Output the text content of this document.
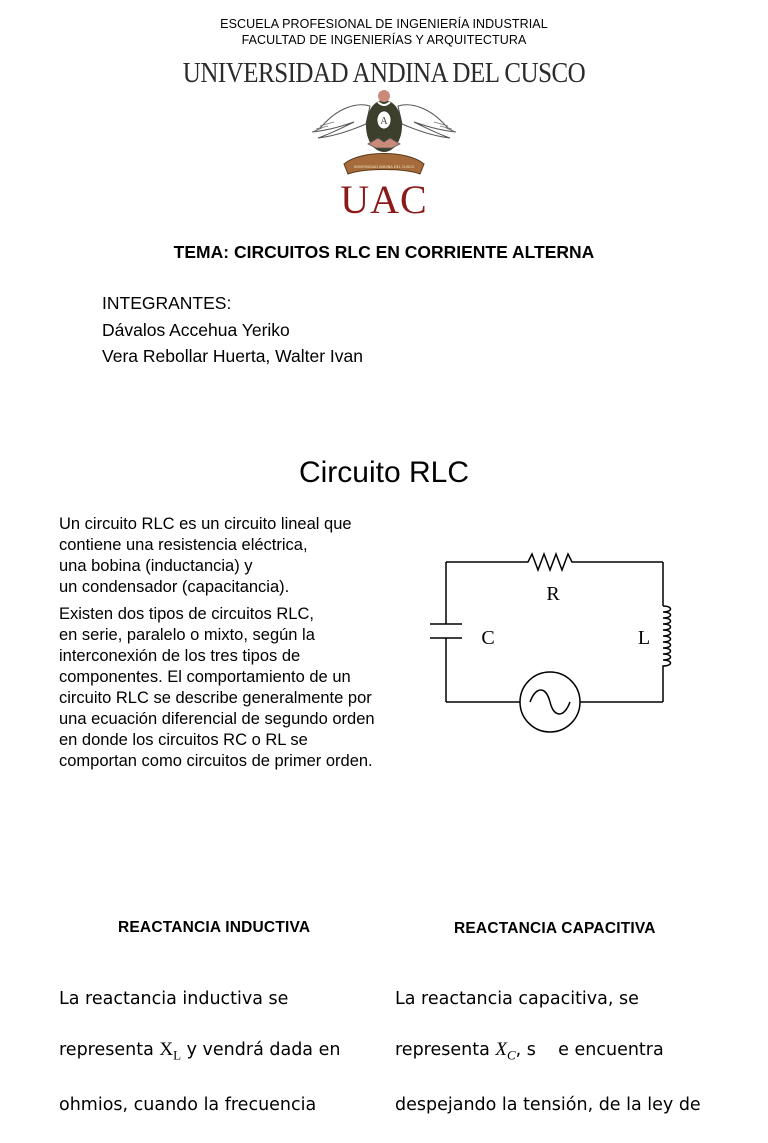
ESCUELA PROFESIONAL DE INGENIERÍA INDUSTRIAL
FACULTAD DE INGENIERÍAS Y ARQUITECTURA
UNIVERSIDAD ANDINA DEL CUSCO
A
UNIVERSIDAD ANDINA DEL CUSCO
UAC
TEMA: CIRCUITOS RLC EN CORRIENTE ALTERNA
INTEGRANTES:
Dávalos Accehua Yeriko
Vera Rebollar Huerta, Walter Ivan
Circuito RLC
Un circuito RLC es un circuito lineal que
contiene una resistencia eléctrica,
una bobina (inductancia) y
un condensador (capacitancia).
Existen dos tipos de circuitos RLC,
en serie, paralelo o mixto, según la
interconexión de los tres tipos de
componentes. El comportamiento de un
circuito RLC se describe generalmente por
una ecuación diferencial de segundo orden
en donde los circuitos RC o RL se
comportan como circuitos de primer orden.
R
C	L
REACTANCIA INDUCTIVA

La reactancia inductiva se

representa $X_L$ y vendrá dada en

ohmios, cuando la frecuencia

REACTANCIA CAPACITIVA

La reactancia capacitiva, se

representa $X_C$, s    e encuentra

despejando la tensión, de la ley de
